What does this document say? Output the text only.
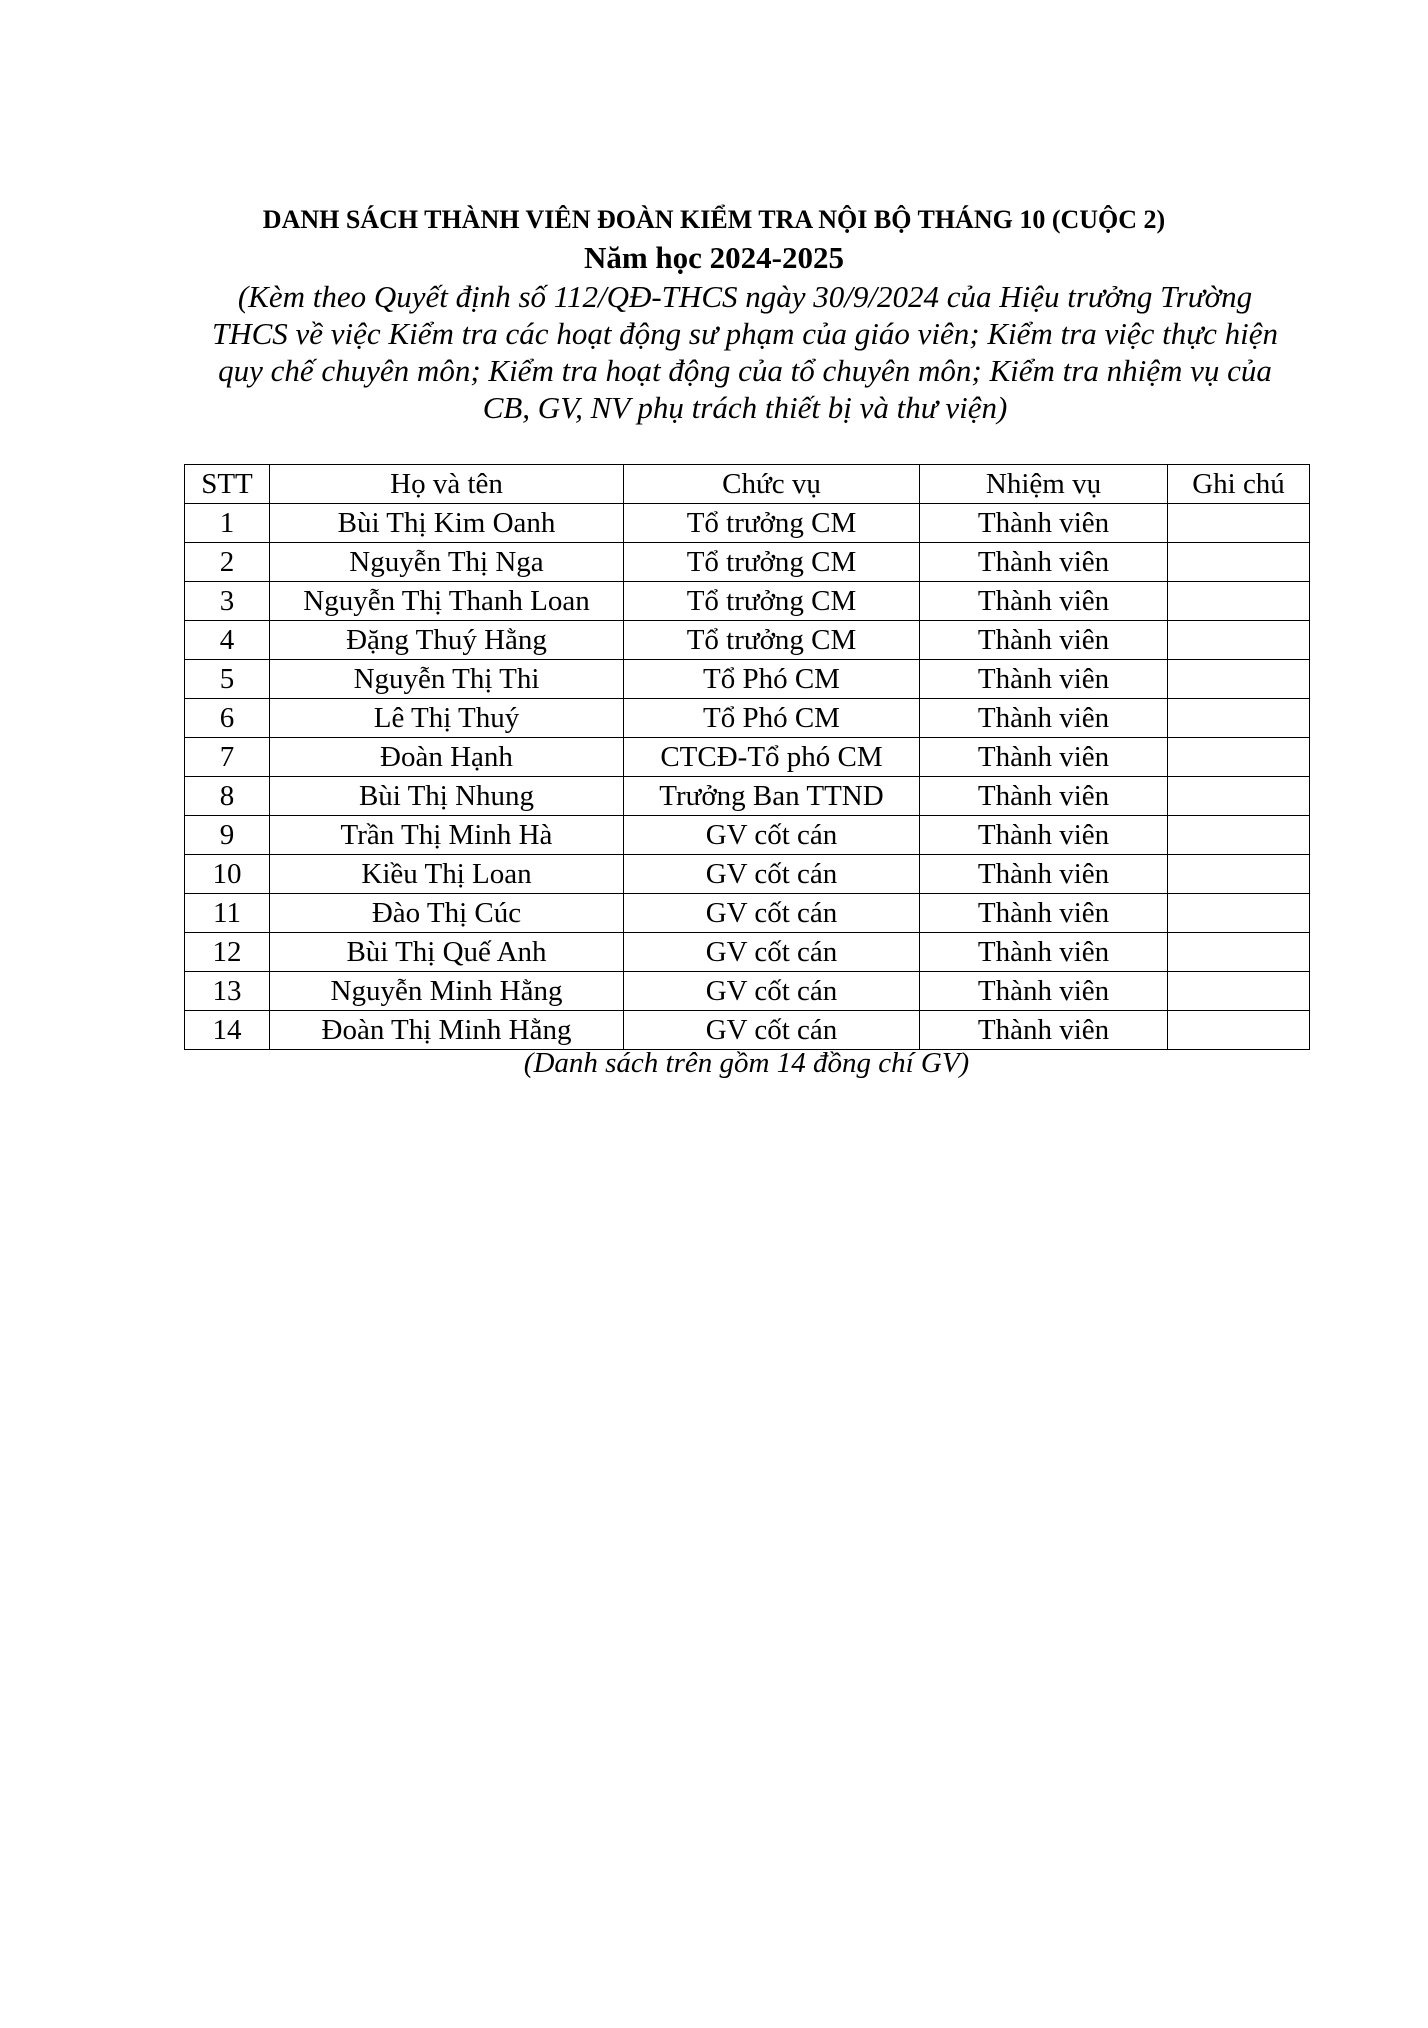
DANH SÁCH THÀNH VIÊN ĐOÀN KIỂM TRA NỘI BỘ THÁNG 10 (CUỘC 2)
Năm học 2024-2025

(Kèm theo Quyết định số 112/QĐ-THCS ngày 30/9/2024 của Hiệu trưởng Trường THCS về việc Kiểm tra các hoạt động sư phạm của giáo viên; Kiểm tra việc thực hiện quy chế chuyên môn; Kiểm tra hoạt động của tổ chuyên môn; Kiểm tra nhiệm vụ của CB, GV, NV phụ trách thiết bị và thư viện)

STT	Họ và tên	Chức vụ	Nhiệm vụ	Ghi chú
1	Bùi Thị Kim Oanh	Tổ trưởng CM	Thành viên	
2	Nguyễn Thị Nga	Tổ trưởng CM	Thành viên	
3	Nguyễn Thị Thanh Loan	Tổ trưởng CM	Thành viên	
4	Đặng Thuý Hằng	Tổ trưởng CM	Thành viên	
5	Nguyễn Thị Thi	Tổ Phó CM	Thành viên	
6	Lê Thị Thuý	Tổ Phó CM	Thành viên	
7	Đoàn Hạnh	CTCĐ-Tổ phó CM	Thành viên	
8	Bùi Thị Nhung	Trưởng Ban TTND	Thành viên	
9	Trần Thị Minh Hà	GV cốt cán	Thành viên	
10	Kiều Thị Loan	GV cốt cán	Thành viên	
11	Đào Thị Cúc	GV cốt cán	Thành viên	
12	Bùi Thị Quế Anh	GV cốt cán	Thành viên	
13	Nguyễn Minh Hằng	GV cốt cán	Thành viên	
14	Đoàn Thị Minh Hằng	GV cốt cán	Thành viên	

(Danh sách trên gồm 14 đồng chí GV)
